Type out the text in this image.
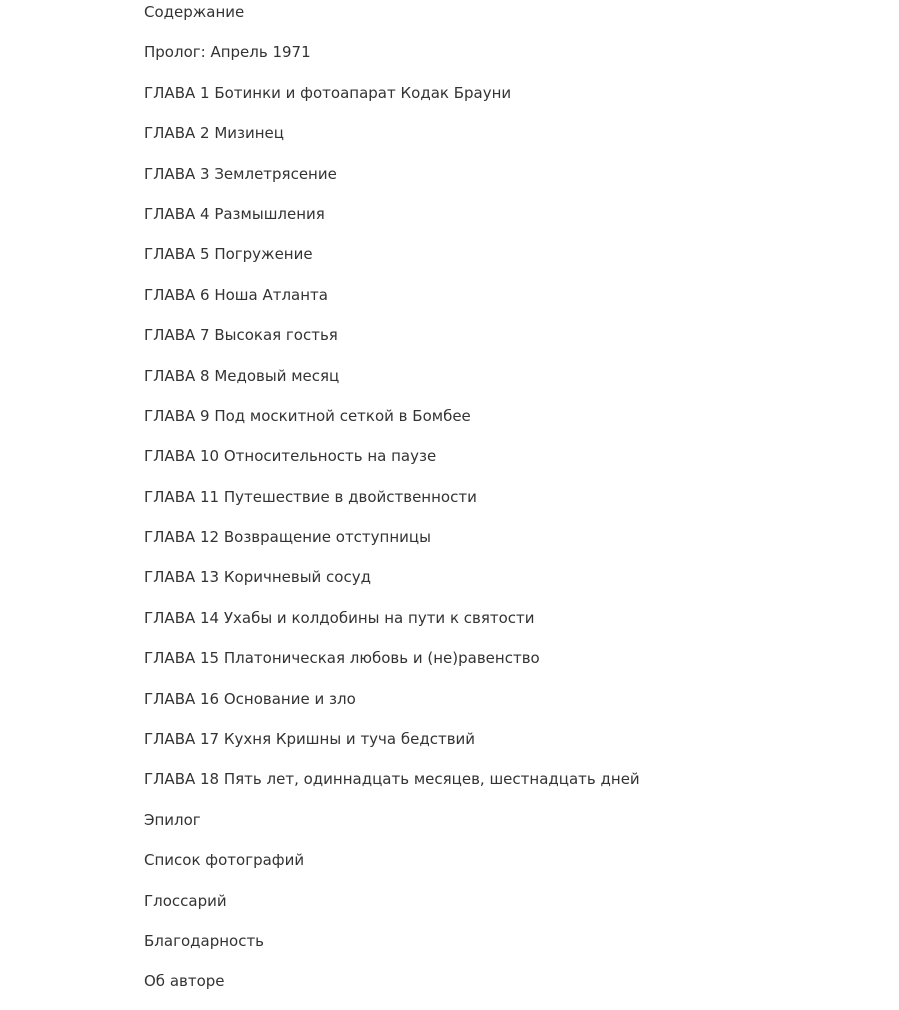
Содержание
Пролог: Апрель 1971
ГЛАВА 1 Ботинки и фотоапарат Кодак Брауни
ГЛАВА 2 Мизинец
ГЛАВА 3 Землетрясение
ГЛАВА 4 Размышления
ГЛАВА 5 Погружение
ГЛАВА 6 Ноша Атланта
ГЛАВА 7 Высокая гостья
ГЛАВА 8 Медовый месяц
ГЛАВА 9 Под москитной сеткой в Бомбее
ГЛАВА 10 Относительность на паузе
ГЛАВА 11 Путешествие в двойственности
ГЛАВА 12 Возвращение отступницы
ГЛАВА 13 Коричневый сосуд
ГЛАВА 14 Ухабы и колдобины на пути к святости
ГЛАВА 15 Платоническая любовь и (не)равенство
ГЛАВА 16 Основание и зло
ГЛАВА 17 Кухня Кришны и туча бедствий
ГЛАВА 18 Пять лет, одиннадцать месяцев, шестнадцать дней
Эпилог
Список фотографий
Глоссарий
Благодарность
Об авторе
